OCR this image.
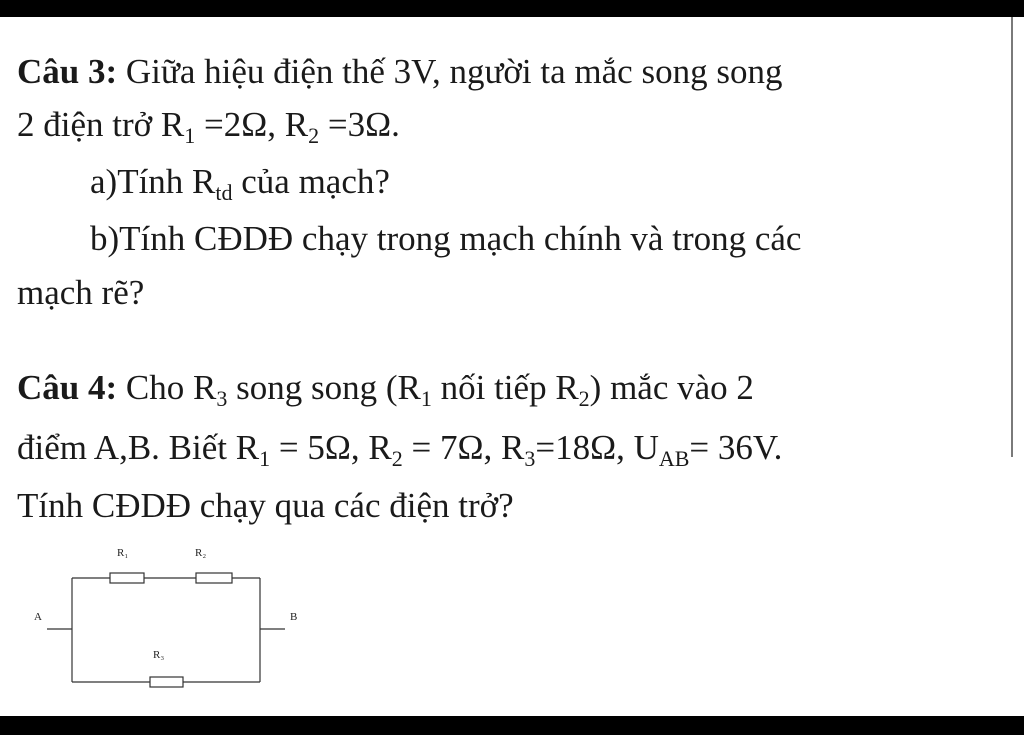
Câu 3: Giữa hiệu điện thế 3V, người ta mắc song song
2 điện trở $R_1 =2\Omega$, $R_2 =3\Omega$.
a)Tính $R_{td}$ của mạch?
b)Tính CĐDĐ chạy trong mạch chính và trong các
mạch rẽ?
Câu 4: Cho $R_3$ song song ($R_1$ nối tiếp $R_2$) mắc vào 2
điểm A,B. Biết $R_1 = 5\Omega$, $R_2 = 7\Omega$, $R_3=18\Omega$, $U_{AB}= 36V$.
Tính CĐDĐ chạy qua các điện trở?
R₁	R₂
R₃
A	B
